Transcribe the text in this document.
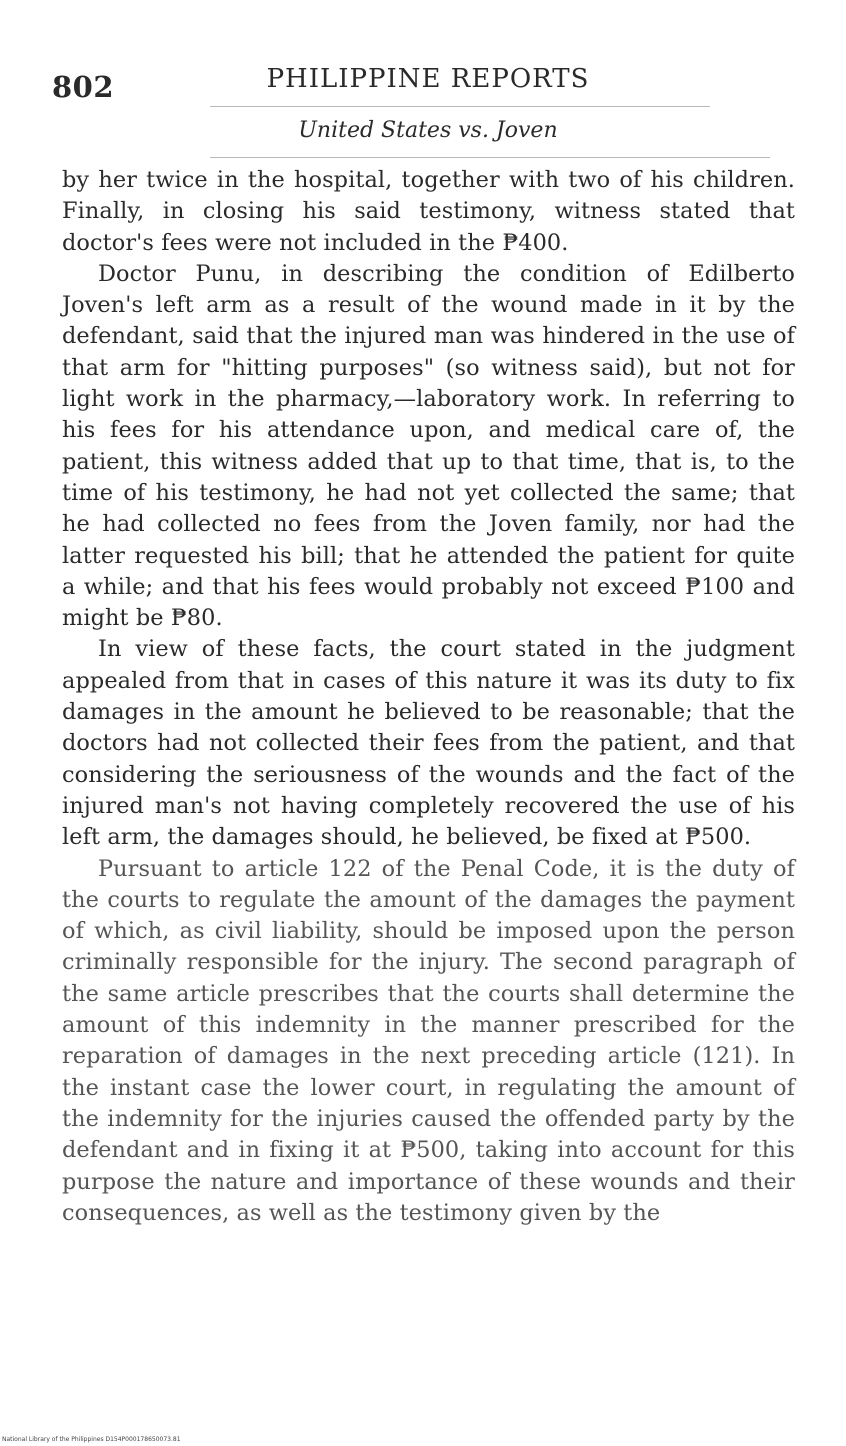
802	PHILIPPINE REPORTS
United States vs. Joven

by her twice in the hospital, together with two of his children. Finally, in closing his said testimony, witness stated that doctor's fees were not included in the ₱400.

Doctor Punu, in describing the condition of Edilberto Joven's left arm as a result of the wound made in it by the defendant, said that the injured man was hindered in the use of that arm for "hitting purposes" (so witness said), but not for light work in the pharmacy,—laboratory work. In referring to his fees for his attendance upon, and medical care of, the patient, this witness added that up to that time, that is, to the time of his testimony, he had not yet collected the same; that he had collected no fees from the Joven family, nor had the latter requested his bill; that he attended the patient for quite a while; and that his fees would probably not exceed ₱100 and might be ₱80.

In view of these facts, the court stated in the judgment appealed from that in cases of this nature it was its duty to fix damages in the amount he believed to be reasonable; that the doctors had not collected their fees from the patient, and that considering the seriousness of the wounds and the fact of the injured man's not having completely recovered the use of his left arm, the damages should, he believed, be fixed at ₱500.

Pursuant to article 122 of the Penal Code, it is the duty of the courts to regulate the amount of the damages the payment of which, as civil liability, should be imposed upon the person criminally responsible for the injury. The second paragraph of the same article prescribes that the courts shall determine the amount of this indemnity in the manner prescribed for the reparation of damages in the next preceding article (121). In the instant case the lower court, in regulating the amount of the indemnity for the injuries caused the offended party by the defendant and in fixing it at ₱500, taking into account for this purpose the nature and importance of these wounds and their consequences, as well as the testimony given by the

National Library of the Philippines D154P000178650073.81
